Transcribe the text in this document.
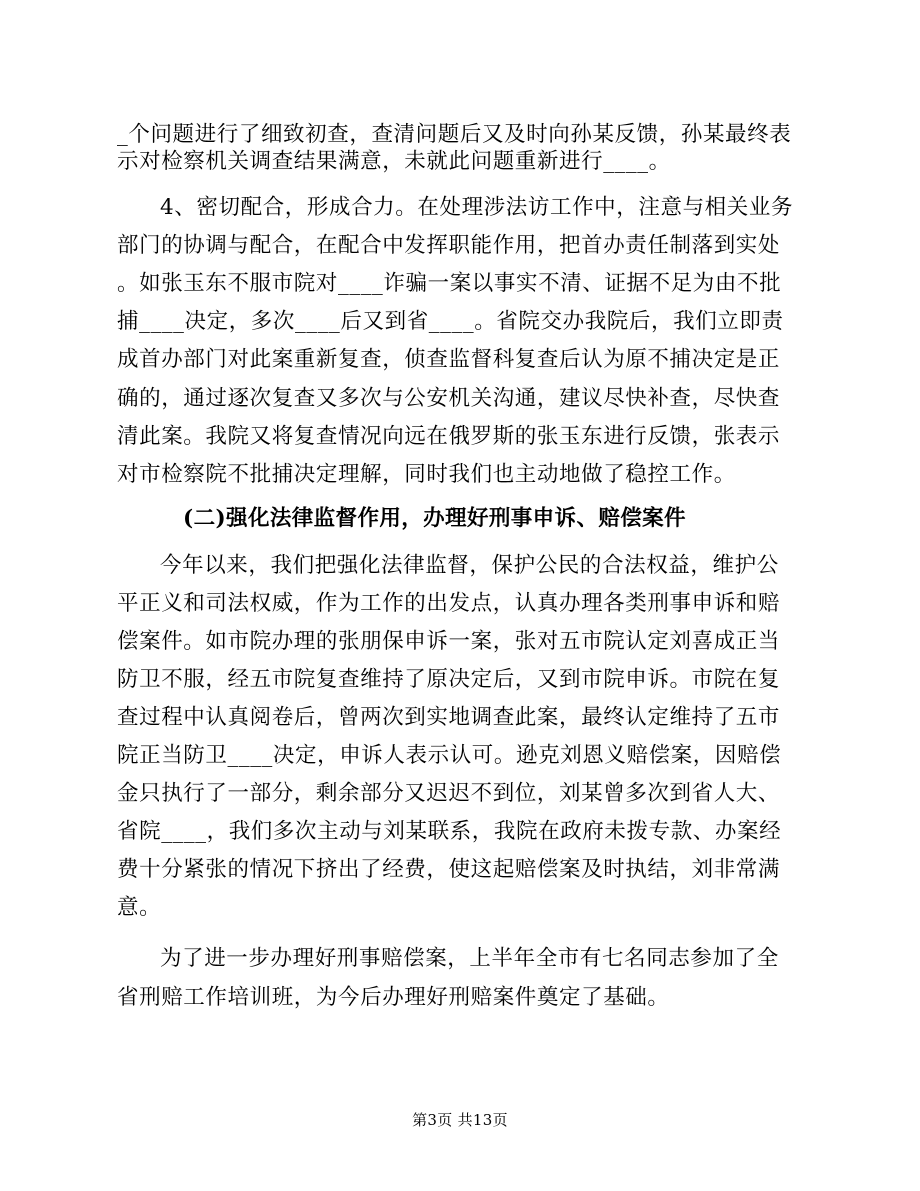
_个问题进行了细致初查，查清问题后又及时向孙某反馈，孙某最终表
示对检察机关调查结果满意，未就此问题重新进行____。
4、密切配合，形成合力。在处理涉法访工作中，注意与相关业务
部门的协调与配合，在配合中发挥职能作用，把首办责任制落到实处
。如张玉东不服市院对____诈骗一案以事实不清、证据不足为由不批
捕____决定，多次____后又到省____。省院交办我院后，我们立即责
成首办部门对此案重新复查，侦查监督科复查后认为原不捕决定是正
确的，通过逐次复查又多次与公安机关沟通，建议尽快补查，尽快查
清此案。我院又将复查情况向远在俄罗斯的张玉东进行反馈，张表示
对市检察院不批捕决定理解，同时我们也主动地做了稳控工作。
(二)强化法律监督作用，办理好刑事申诉、赔偿案件
今年以来，我们把强化法律监督，保护公民的合法权益，维护公
平正义和司法权威，作为工作的出发点，认真办理各类刑事申诉和赔
偿案件。如市院办理的张朋保申诉一案，张对五市院认定刘喜成正当
防卫不服，经五市院复查维持了原决定后，又到市院申诉。市院在复
查过程中认真阅卷后，曾两次到实地调查此案，最终认定维持了五市
院正当防卫____决定，申诉人表示认可。逊克刘恩义赔偿案，因赔偿
金只执行了一部分，剩余部分又迟迟不到位，刘某曾多次到省人大、
省院____，我们多次主动与刘某联系，我院在政府未拨专款、办案经
费十分紧张的情况下挤出了经费，使这起赔偿案及时执结，刘非常满
意。
为了进一步办理好刑事赔偿案，上半年全市有七名同志参加了全
省刑赔工作培训班，为今后办理好刑赔案件奠定了基础。
第3页 共13页
